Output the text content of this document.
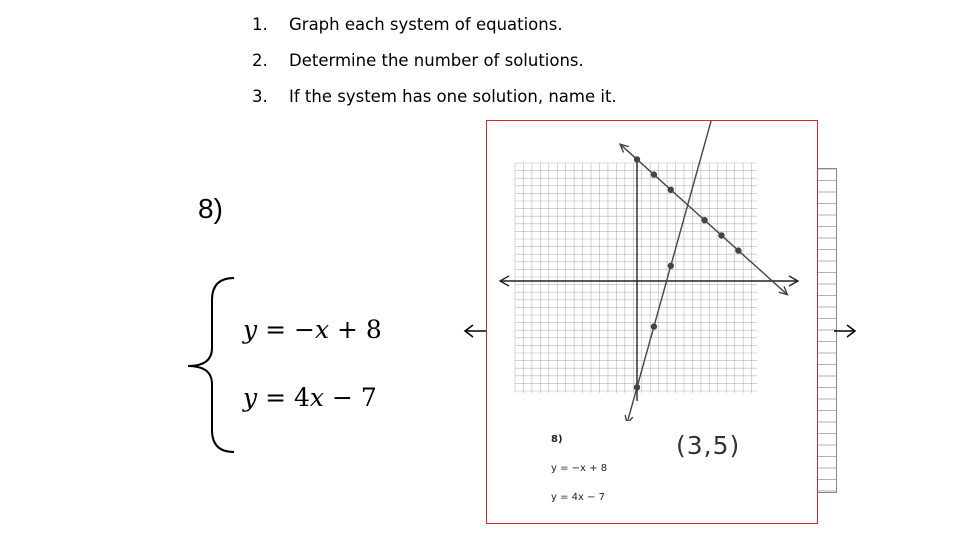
1. Graph each system of equations.
2. Determine the number of solutions.
3. If the system has one solution, name it.
8)
y = −x + 8
y = 4x − 7
8)
y = −x + 8
y = 4x − 7
(3,5)
